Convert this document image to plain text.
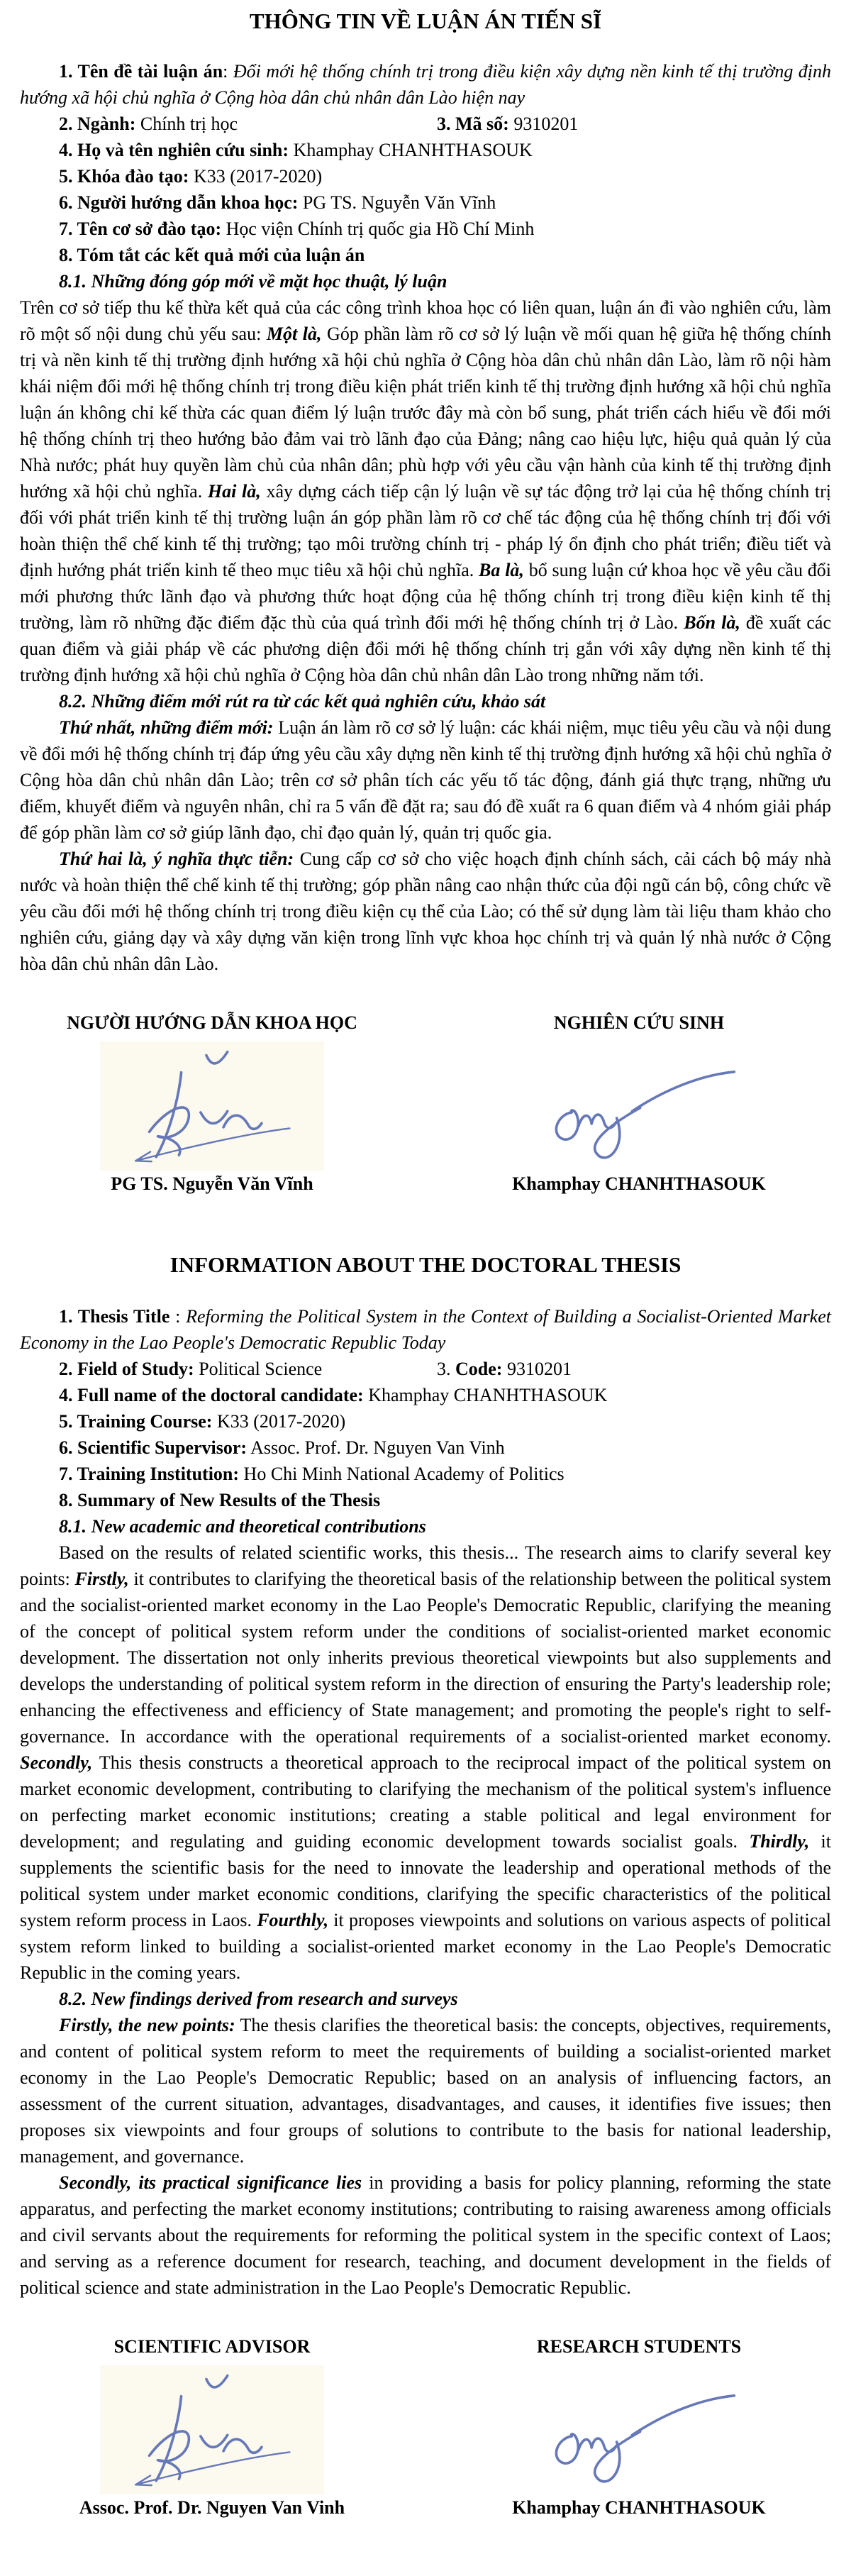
THÔNG TIN VỀ LUẬN ÁN TIẾN SĨ

1. Tên đề tài luận án: Đổi mới hệ thống chính trị trong điều kiện xây dựng nền kinh tế thị trường định hướng xã hội chủ nghĩa ở Cộng hòa dân chủ nhân dân Lào hiện nay

2. Ngành: Chính trị học	3. Mã số: 9310201

4. Họ và tên nghiên cứu sinh: Khamphay CHANHTHASOUK

5. Khóa đào tạo: K33 (2017-2020)

6. Người hướng dẫn khoa học: PG TS. Nguyễn Văn Vĩnh

7. Tên cơ sở đào tạo: Học viện Chính trị quốc gia Hồ Chí Minh

8. Tóm tắt các kết quả mới của luận án

8.1. Những đóng góp mới về mặt học thuật, lý luận

Trên cơ sở tiếp thu kế thừa kết quả của các công trình khoa học có liên quan, luận án đi vào nghiên cứu, làm rõ một số nội dung chủ yếu sau: Một là, Góp phần làm rõ cơ sở lý luận về mối quan hệ giữa hệ thống chính trị và nền kinh tế thị trường định hướng xã hội chủ nghĩa ở Cộng hòa dân chủ nhân dân Lào, làm rõ nội hàm khái niệm đổi mới hệ thống chính trị trong điều kiện phát triển kinh tế thị trường định hướng xã hội chủ nghĩa luận án không chỉ kế thừa các quan điểm lý luận trước đây mà còn bổ sung, phát triển cách hiểu về đổi mới hệ thống chính trị theo hướng bảo đảm vai trò lãnh đạo của Đảng; nâng cao hiệu lực, hiệu quả quản lý của Nhà nước; phát huy quyền làm chủ của nhân dân; phù hợp với yêu cầu vận hành của kinh tế thị trường định hướng xã hội chủ nghĩa. Hai là, xây dựng cách tiếp cận lý luận về sự tác động trở lại của hệ thống chính trị đối với phát triển kinh tế thị trường luận án góp phần làm rõ cơ chế tác động của hệ thống chính trị đối với hoàn thiện thể chế kinh tế thị trường; tạo môi trường chính trị - pháp lý ổn định cho phát triển; điều tiết và định hướng phát triển kinh tế theo mục tiêu xã hội chủ nghĩa. Ba là, bổ sung luận cứ khoa học về yêu cầu đổi mới phương thức lãnh đạo và phương thức hoạt động của hệ thống chính trị trong điều kiện kinh tế thị trường, làm rõ những đặc điểm đặc thù của quá trình đổi mới hệ thống chính trị ở Lào. Bốn là, đề xuất các quan điểm và giải pháp về các phương diện đổi mới hệ thống chính trị gắn với xây dựng nền kinh tế thị trường định hướng xã hội chủ nghĩa ở Cộng hòa dân chủ nhân dân Lào trong những năm tới.

8.2. Những điểm mới rút ra từ các kết quả nghiên cứu, khảo sát

Thứ nhất, những điểm mới: Luận án làm rõ cơ sở lý luận: các khái niệm, mục tiêu yêu cầu và nội dung về đổi mới hệ thống chính trị đáp ứng yêu cầu xây dựng nền kinh tế thị trường định hướng xã hội chủ nghĩa ở Cộng hòa dân chủ nhân dân Lào; trên cơ sở phân tích các yếu tố tác động, đánh giá thực trạng, những ưu điểm, khuyết điểm và nguyên nhân, chỉ ra 5 vấn đề đặt ra; sau đó đề xuất ra 6 quan điểm và 4 nhóm giải pháp để góp phần làm cơ sở giúp lãnh đạo, chỉ đạo quản lý, quản trị quốc gia.

Thứ hai là, ý nghĩa thực tiễn: Cung cấp cơ sở cho việc hoạch định chính sách, cải cách bộ máy nhà nước và hoàn thiện thể chế kinh tế thị trường; góp phần nâng cao nhận thức của đội ngũ cán bộ, công chức về yêu cầu đổi mới hệ thống chính trị trong điều kiện cụ thể của Lào; có thể sử dụng làm tài liệu tham khảo cho nghiên cứu, giảng dạy và xây dựng văn kiện trong lĩnh vực khoa học chính trị và quản lý nhà nước ở Cộng hòa dân chủ nhân dân Lào.

NGƯỜI HƯỚNG DẪN KHOA HỌC
PG TS. Nguyễn Văn Vĩnh
NGHIÊN CỨU SINH
Khamphay CHANHTHASOUK
INFORMATION ABOUT THE DOCTORAL THESIS

1. Thesis Title : Reforming the Political System in the Context of Building a Socialist-Oriented Market Economy in the Lao People's Democratic Republic Today

2. Field of Study: Political Science	3. Code: 9310201

4. Full name of the doctoral candidate: Khamphay CHANHTHASOUK

5. Training Course: K33 (2017-2020)

6. Scientific Supervisor: Assoc. Prof. Dr. Nguyen Van Vinh

7. Training Institution: Ho Chi Minh National Academy of Politics

8. Summary of New Results of the Thesis

8.1. New academic and theoretical contributions

Based on the results of related scientific works, this thesis... The research aims to clarify several key points: Firstly, it contributes to clarifying the theoretical basis of the relationship between the political system and the socialist-oriented market economy in the Lao People's Democratic Republic, clarifying the meaning of the concept of political system reform under the conditions of socialist-oriented market economic development. The dissertation not only inherits previous theoretical viewpoints but also supplements and develops the understanding of political system reform in the direction of ensuring the Party's leadership role; enhancing the effectiveness and efficiency of State management; and promoting the people's right to self-governance. In accordance with the operational requirements of a socialist-oriented market economy. Secondly, This thesis constructs a theoretical approach to the reciprocal impact of the political system on market economic development, contributing to clarifying the mechanism of the political system's influence on perfecting market economic institutions; creating a stable political and legal environment for development; and regulating and guiding economic development towards socialist goals. Thirdly, it supplements the scientific basis for the need to innovate the leadership and operational methods of the political system under market economic conditions, clarifying the specific characteristics of the political system reform process in Laos. Fourthly, it proposes viewpoints and solutions on various aspects of political system reform linked to building a socialist-oriented market economy in the Lao People's Democratic Republic in the coming years.

8.2. New findings derived from research and surveys

Firstly, the new points: The thesis clarifies the theoretical basis: the concepts, objectives, requirements, and content of political system reform to meet the requirements of building a socialist-oriented market economy in the Lao People's Democratic Republic; based on an analysis of influencing factors, an assessment of the current situation, advantages, disadvantages, and causes, it identifies five issues; then proposes six viewpoints and four groups of solutions to contribute to the basis for national leadership, management, and governance.

Secondly, its practical significance lies in providing a basis for policy planning, reforming the state apparatus, and perfecting the market economy institutions; contributing to raising awareness among officials and civil servants about the requirements for reforming the political system in the specific context of Laos; and serving as a reference document for research, teaching, and document development in the fields of political science and state administration in the Lao People's Democratic Republic.

SCIENTIFIC ADVISOR
Assoc. Prof. Dr. Nguyen Van Vinh
RESEARCH STUDENTS
Khamphay CHANHTHASOUK
